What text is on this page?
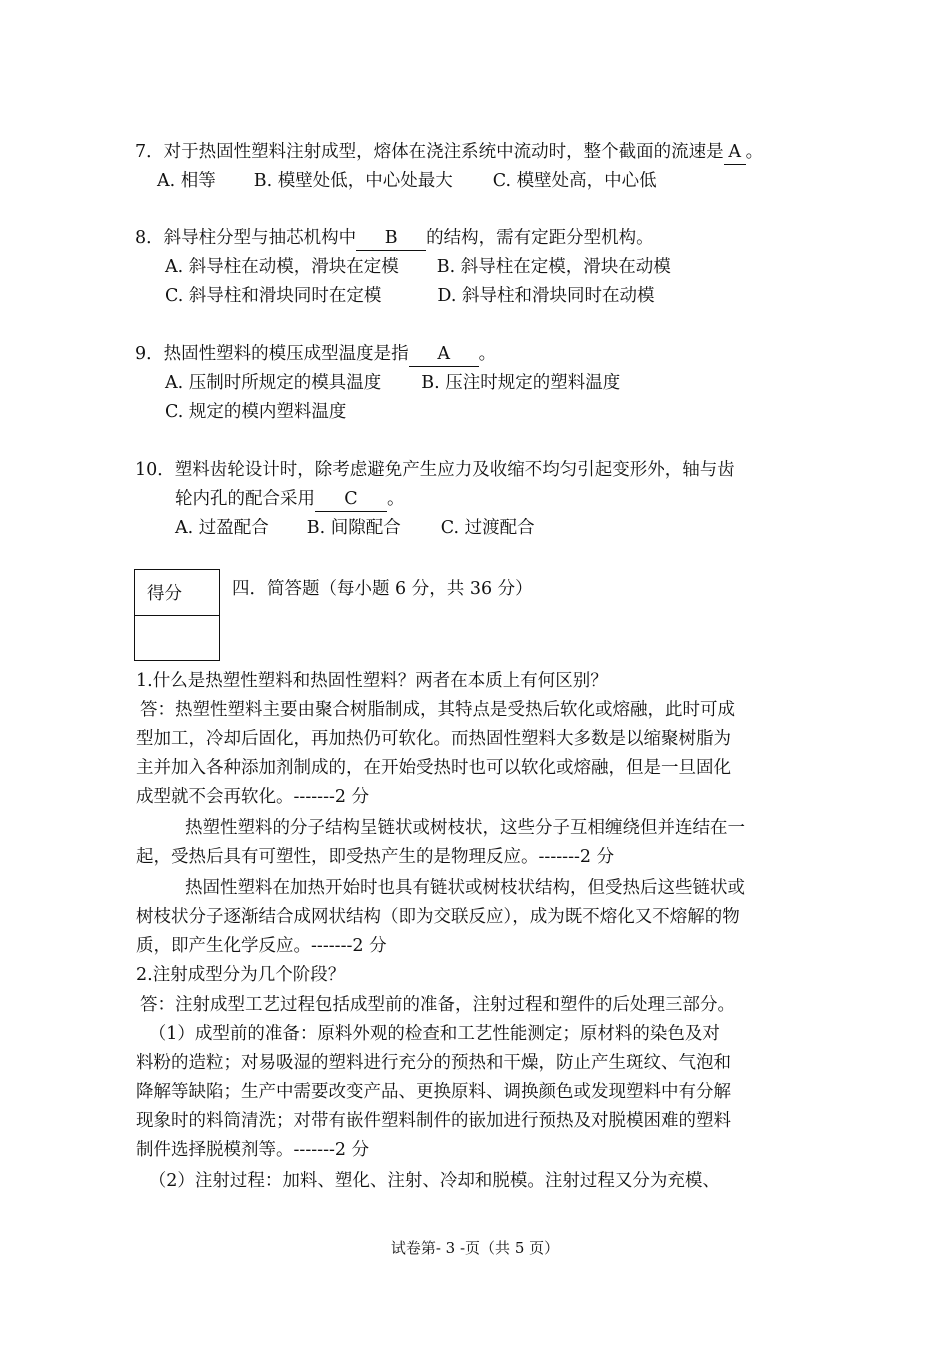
7．对于热固性塑料注射成型，熔体在浇注系统中流动时，整个截面的流速是 A 。
A. 相等 B. 模壁处低，中心处最大 C. 模壁处高，中心低
8．斜导柱分型与抽芯机构中 B 的结构，需有定距分型机构。
A. 斜导柱在动模，滑块在定模 B. 斜导柱在定模，滑块在动模
C. 斜导柱和滑块同时在定模	D. 斜导柱和滑块同时在动模
9．热固性塑料的模压成型温度是指 A 。
A. 压制时所规定的模具温度 B. 压注时规定的塑料温度
C. 规定的模内塑料温度
10．塑料齿轮设计时，除考虑避免产生应力及收缩不均匀引起变形外，轴与齿
轮内孔的配合采用 C 。
A. 过盈配合 B. 间隙配合 C. 过渡配合
得分	四．简答题（每小题 6 分，共 36 分）
1.什么是热塑性塑料和热固性塑料？两者在本质上有何区别？
答：热塑性塑料主要由聚合树脂制成，其特点是受热后软化或熔融，此时可成
型加工，冷却后固化，再加热仍可软化。而热固性塑料大多数是以缩聚树脂为
主并加入各种添加剂制成的，在开始受热时也可以软化或熔融，但是一旦固化
成型就不会再软化。-------2 分
　　热塑性塑料的分子结构呈链状或树枝状，这些分子互相缠绕但并连结在一
起，受热后具有可塑性，即受热产生的是物理反应。-------2 分
　　热固性塑料在加热开始时也具有链状或树枝状结构，但受热后这些链状或
树枝状分子逐渐结合成网状结构（即为交联反应），成为既不熔化又不熔解的物
质，即产生化学反应。-------2 分
2.注射成型分为几个阶段？
答：注射成型工艺过程包括成型前的准备，注射过程和塑件的后处理三部分。
　（1）成型前的准备：原料外观的检查和工艺性能测定；原材料的染色及对
料粉的造粒；对易吸湿的塑料进行充分的预热和干燥，防止产生斑纹、气泡和
降解等缺陷；生产中需要改变产品、更换原料、调换颜色或发现塑料中有分解
现象时的料筒清洗；对带有嵌件塑料制件的嵌加进行预热及对脱模困难的塑料
制件选择脱模剂等。-------2 分
　（2）注射过程：加料、塑化、注射、冷却和脱模。注射过程又分为充模、
试卷第- 3 -页（共 5 页）
